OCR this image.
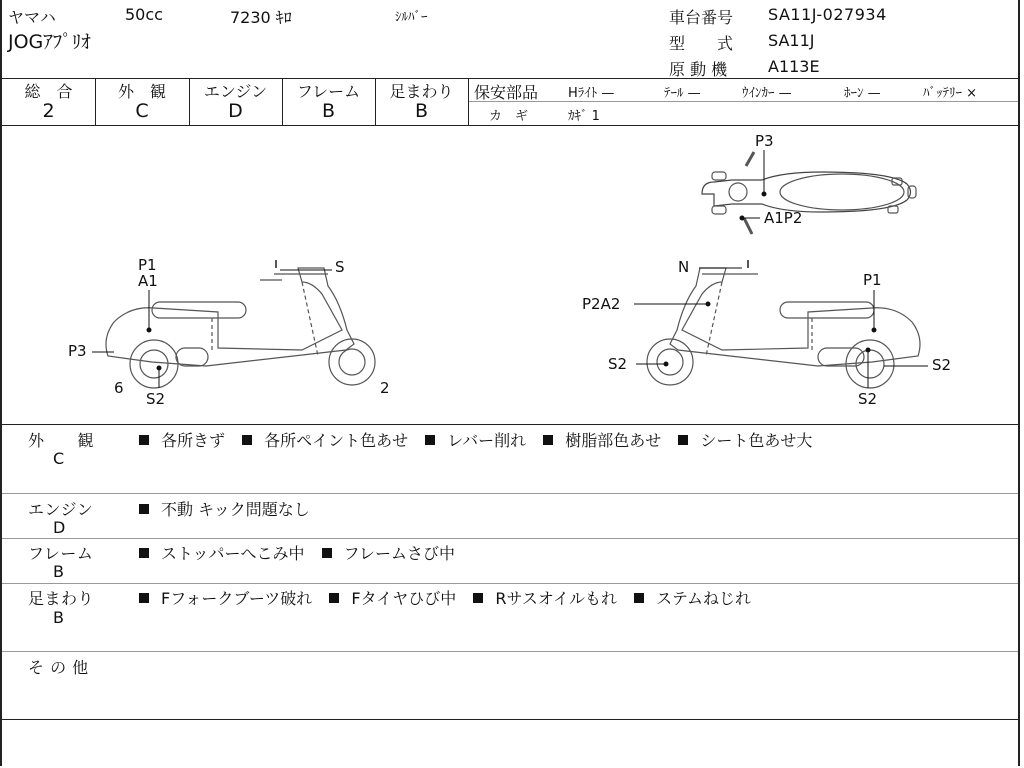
ヤマハ	50cc	7230 ｷﾛ	ｼﾙﾊﾞｰ
JOGｱﾌﾟﾘｵ
車台番号 SA11J-027934
型　　式 SA11J
原 動 機	A113E
総　合
2
外　観
C
エンジン
D
フレーム
B
足まわり
B
保安部品 Hﾗｲﾄ —	ﾃｰﾙ —	ｳｲﾝｶｰ —	ﾎｰﾝ —	ﾊﾞｯﾃﾘｰ ×
カ　ギ	ｶｷﾞ 1
P3
A1P2
P1
A1
S
P3
6
S2
2
N
P1
P2A2
S2	S2
S2
外　　観
C
各所きず 各所ペイント色あせ レバー削れ 樹脂部色あせ シート色あせ大
エンジン
D
不動 キック問題なし
フレーム
B
ストッパーへこみ中 フレームさび中
足まわり
B
Fフォークブーツ破れ Fタイヤひび中 Rサスオイルもれ ステムねじれ
そ の 他
